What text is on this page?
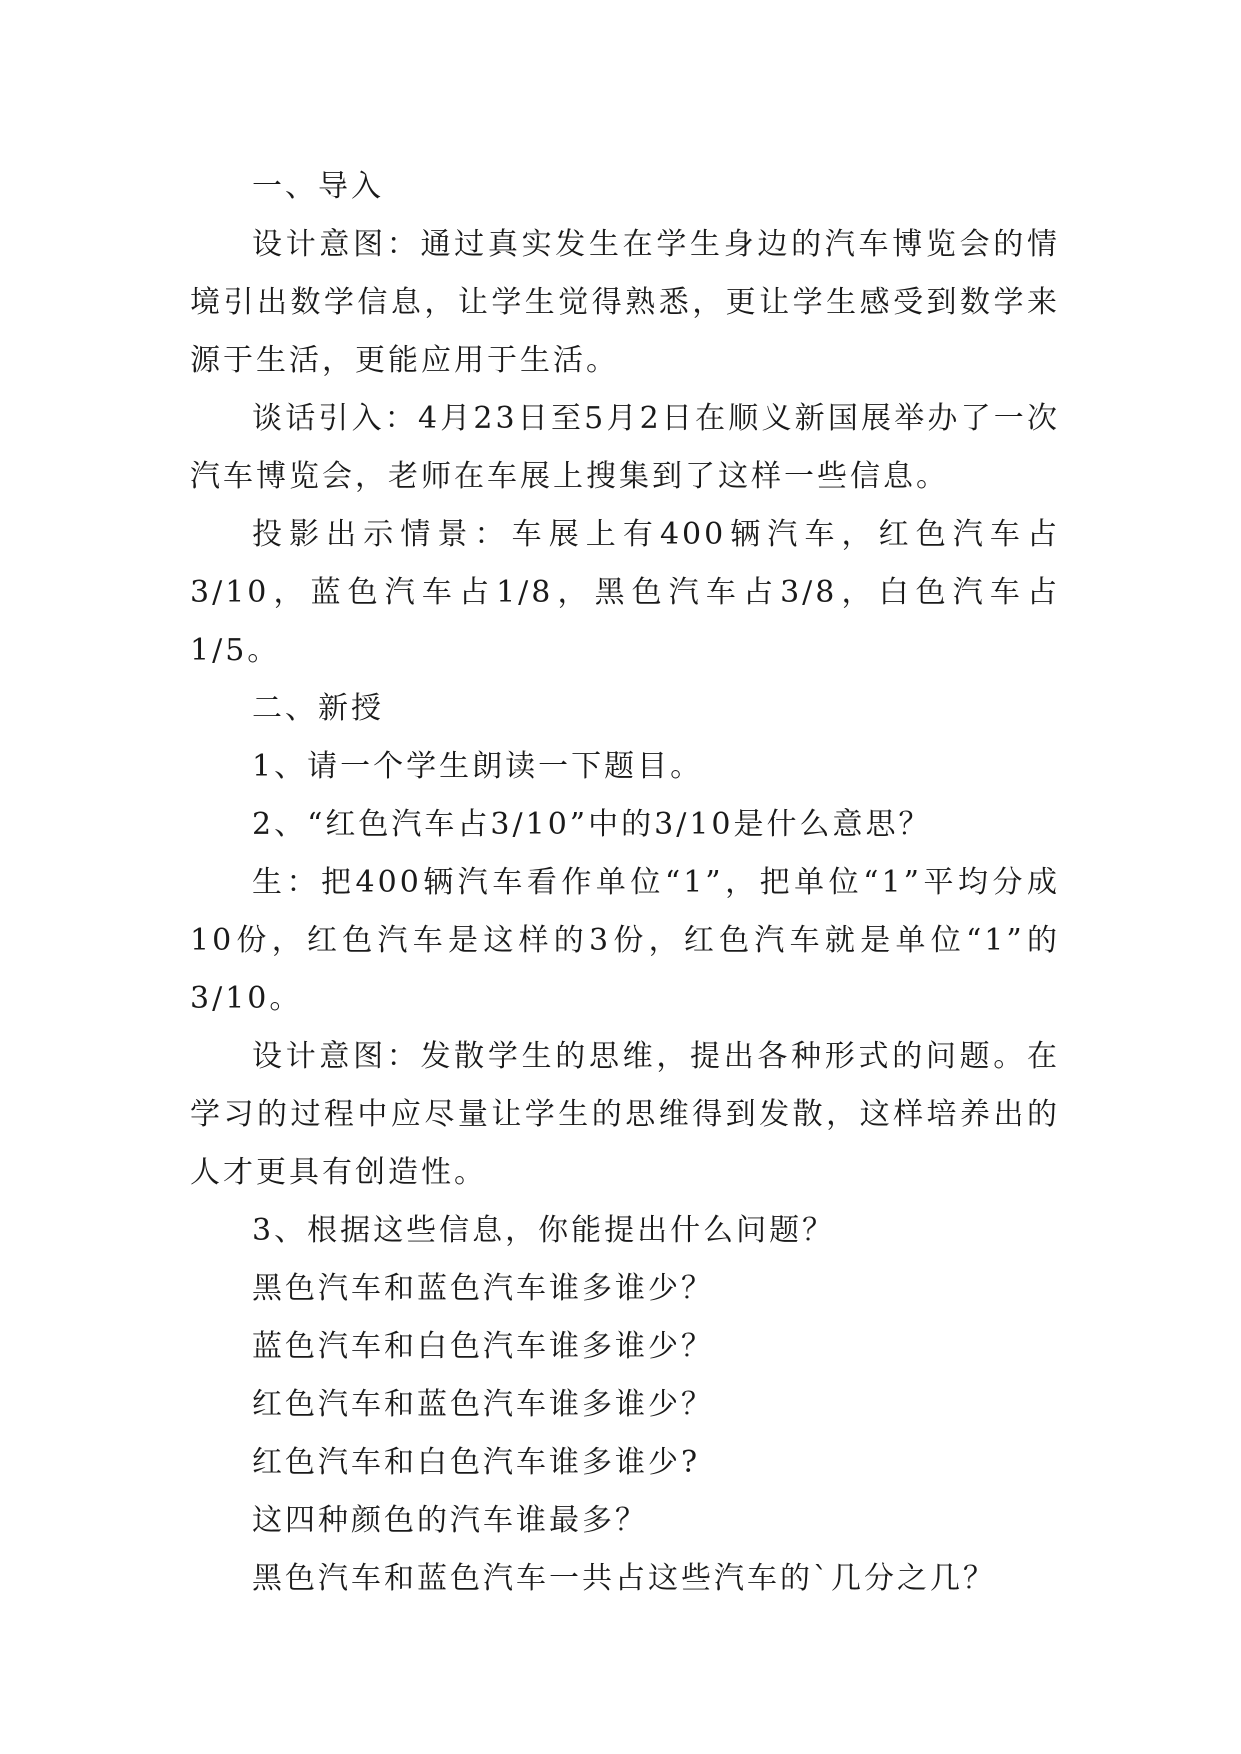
一、导入

设计意图：通过真实发生在学生身边的汽车博览会的情境引出数学信息，让学生觉得熟悉，更让学生感受到数学来源于生活，更能应用于生活。

谈话引入：4月23日至5月2日在顺义新国展举办了一次汽车博览会，老师在车展上搜集到了这样一些信息。

投影出示情景：车展上有400辆汽车，红色汽车占3/10，蓝色汽车占1/8，黑色汽车占3/8，白色汽车占1/5。

二、新授

1、请一个学生朗读一下题目。

2、“红色汽车占3/10”中的3/10是什么意思？

生：把400辆汽车看作单位“1”，把单位“1”平均分成10份，红色汽车是这样的3份，红色汽车就是单位“1”的3/10。

设计意图：发散学生的思维，提出各种形式的问题。在学习的过程中应尽量让学生的思维得到发散，这样培养出的人才更具有创造性。

3、根据这些信息，你能提出什么问题？

黑色汽车和蓝色汽车谁多谁少？

蓝色汽车和白色汽车谁多谁少？

红色汽车和蓝色汽车谁多谁少？

红色汽车和白色汽车谁多谁少?

这四种颜色的汽车谁最多？

黑色汽车和蓝色汽车一共占这些汽车的`几分之几？
